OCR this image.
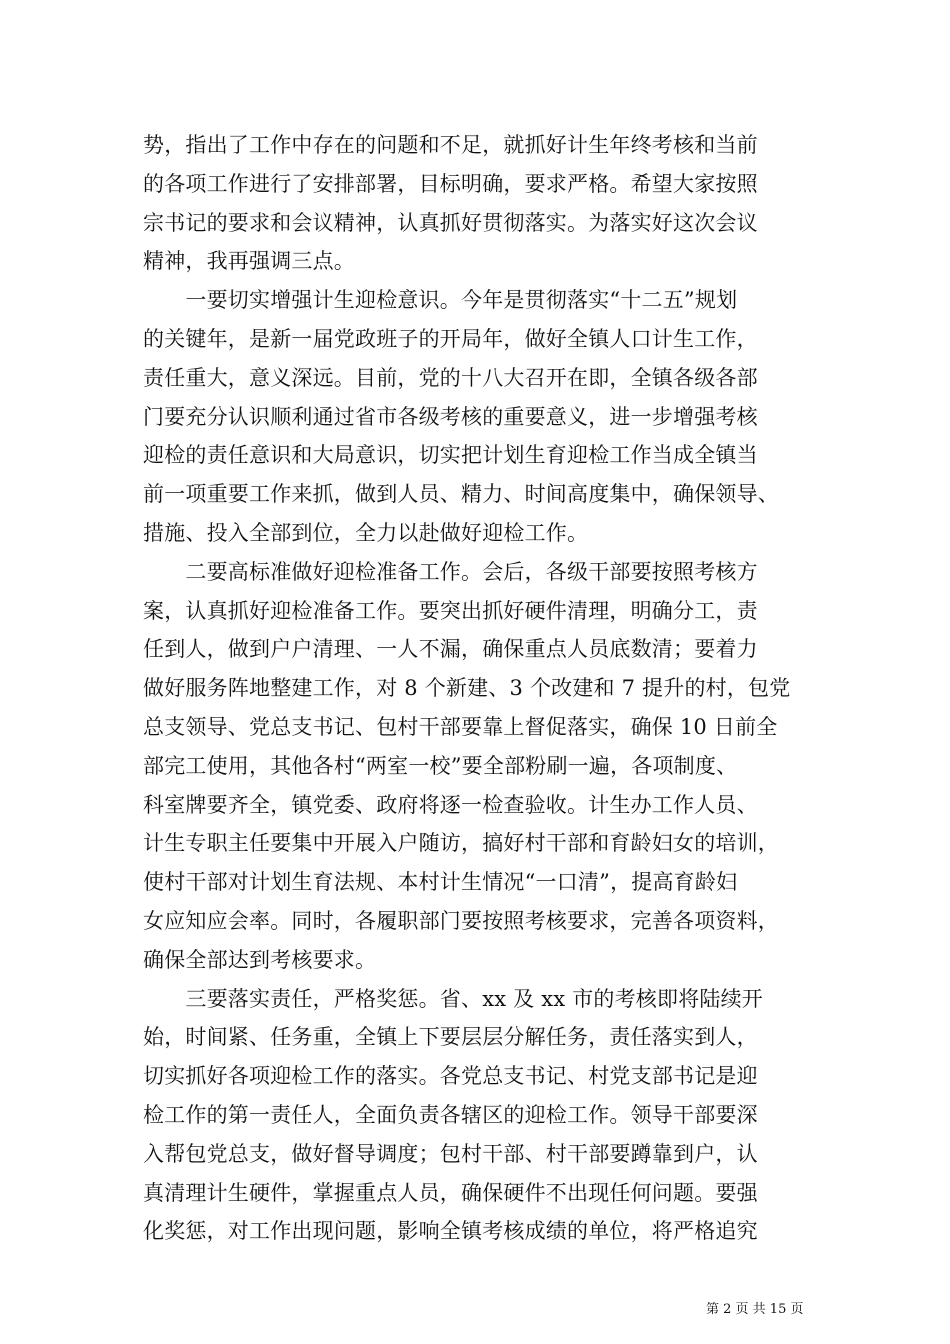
势，指出了工作中存在的问题和不足，就抓好计生年终考核和当前
的各项工作进行了安排部署，目标明确，要求严格。希望大家按照
宗书记的要求和会议精神，认真抓好贯彻落实。为落实好这次会议
精神，我再强调三点。
　　一要切实增强计生迎检意识。今年是贯彻落实“十二五”规划
的关键年，是新一届党政班子的开局年，做好全镇人口计生工作，
责任重大，意义深远。目前，党的十八大召开在即，全镇各级各部
门要充分认识顺利通过省市各级考核的重要意义，进一步增强考核
迎检的责任意识和大局意识，切实把计划生育迎检工作当成全镇当
前一项重要工作来抓，做到人员、精力、时间高度集中，确保领导、
措施、投入全部到位，全力以赴做好迎检工作。
　　二要高标准做好迎检准备工作。会后，各级干部要按照考核方
案，认真抓好迎检准备工作。要突出抓好硬件清理，明确分工，责
任到人，做到户户清理、一人不漏，确保重点人员底数清；要着力
做好服务阵地整建工作，对 8 个新建、3 个改建和 7 提升的村，包党
总支领导、党总支书记、包村干部要靠上督促落实，确保 10 日前全
部完工使用，其他各村“两室一校”要全部粉刷一遍，各项制度、
科室牌要齐全，镇党委、政府将逐一检查验收。计生办工作人员、
计生专职主任要集中开展入户随访，搞好村干部和育龄妇女的培训，
使村干部对计划生育法规、本村计生情况“一口清”，提高育龄妇
女应知应会率。同时，各履职部门要按照考核要求，完善各项资料，
确保全部达到考核要求。
　　三要落实责任，严格奖惩。省、xx 及 xx 市的考核即将陆续开
始，时间紧、任务重，全镇上下要层层分解任务，责任落实到人，
切实抓好各项迎检工作的落实。各党总支书记、村党支部书记是迎
检工作的第一责任人，全面负责各辖区的迎检工作。领导干部要深
入帮包党总支，做好督导调度；包村干部、村干部要蹲靠到户，认
真清理计生硬件，掌握重点人员，确保硬件不出现任何问题。要强
化奖惩，对工作出现问题，影响全镇考核成绩的单位，将严格追究
第 2 页 共 15 页
